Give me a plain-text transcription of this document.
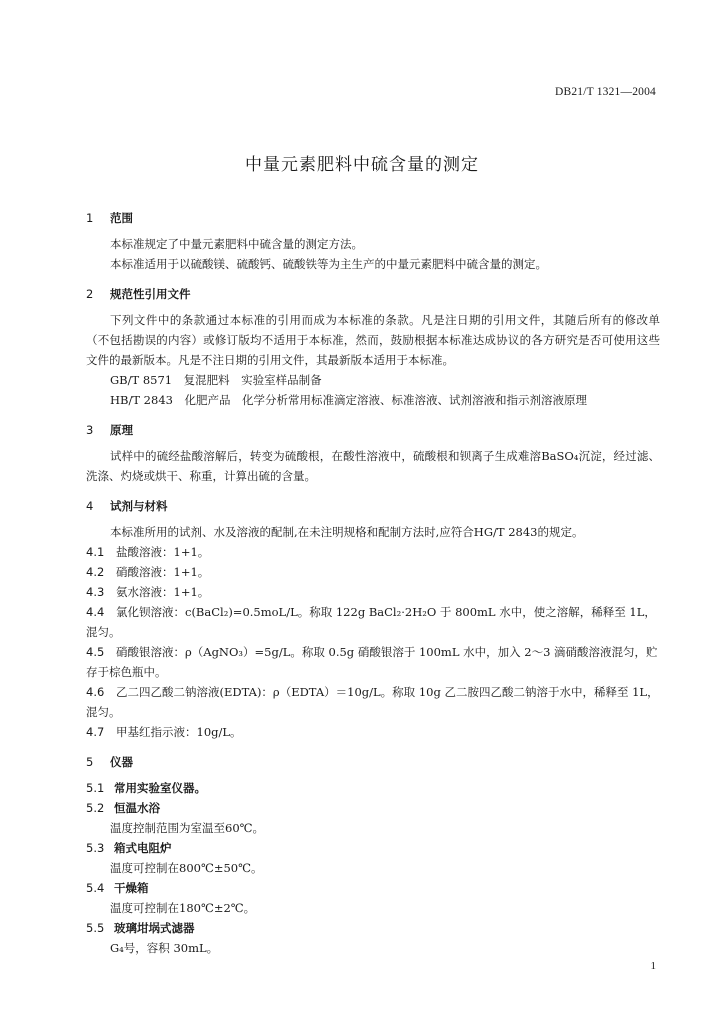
DB21/T 1321—2004
中量元素肥料中硫含量的测定
1 范围
本标准规定了中量元素肥料中硫含量的测定方法。
本标准适用于以硫酸镁、硫酸钙、硫酸铁等为主生产的中量元素肥料中硫含量的测定。
2 规范性引用文件
下列文件中的条款通过本标准的引用而成为本标准的条款。凡是注日期的引用文件，其随后所有的修改单（不包括勘误的内容）或修订版均不适用于本标准，然而，鼓励根据本标准达成协议的各方研究是否可使用这些文件的最新版本。凡是不注日期的引用文件，其最新版本适用于本标准。
GB/T 8571　复混肥料　实验室样品制备
HB/T 2843　化肥产品　化学分析常用标准滴定溶液、标准溶液、试剂溶液和指示剂溶液原理
3 原理
试样中的硫经盐酸溶解后，转变为硫酸根，在酸性溶液中，硫酸根和钡离子生成难溶BaSO₄沉淀，经过滤、洗涤、灼烧或烘干、称重，计算出硫的含量。
4 试剂与材料
本标准所用的试剂、水及溶液的配制,在未注明规格和配制方法时,应符合HG/T 2843的规定。
4.1 盐酸溶液：1+1。
4.2 硝酸溶液：1+1。
4.3 氨水溶液：1+1。
4.4 氯化钡溶液：c(BaCl₂)=0.5moL/L。称取 122g BaCl₂·2H₂O 于 800mL 水中，使之溶解，稀释至 1L，混匀。
4.5 硝酸银溶液：ρ（AgNO₃）=5g/L。称取 0.5g 硝酸银溶于 100mL 水中，加入 2～3 滴硝酸溶液混匀，贮存于棕色瓶中。
4.6 乙二四乙酸二钠溶液(EDTA)：ρ（EDTA）＝10g/L。称取 10g 乙二胺四乙酸二钠溶于水中，稀释至 1L，混匀。
4.7 甲基红指示液：10g/L。
5 仪器
5.1 常用实验室仪器。
5.2 恒温水浴
温度控制范围为室温至60℃。
5.3 箱式电阻炉
温度可控制在800℃±50℃。
5.4 干燥箱
温度可控制在180℃±2℃。
5.5 玻璃坩埚式滤器
G₄号，容积 30mL。
1
